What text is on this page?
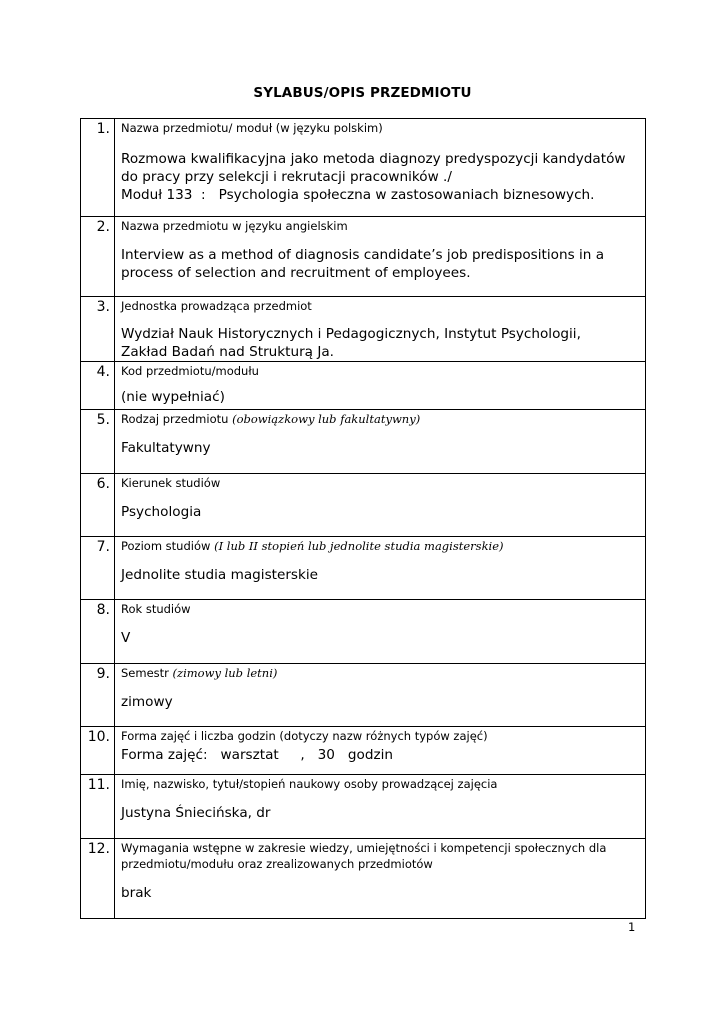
SYLABUS/OPIS PRZEDMIOTU
1.	Nazwa przedmiotu/ moduł (w języku polskim)
Rozmowa kwalifikacyjna jako metoda diagnozy predyspozycji kandydatów
do pracy przy selekcji i rekrutacji pracowników ./
Moduł 133  :   Psychologia społeczna w zastosowaniach biznesowych.

2.	Nazwa przedmiotu w języku angielskim
Interview as a method of diagnosis candidate’s job predispositions in a
process of selection and recruitment of employees.

3.	Jednostka prowadząca przedmiot
Wydział Nauk Historycznych i Pedagogicznych, Instytut Psychologii,
Zakład Badań nad Strukturą Ja.

4.	Kod przedmiotu/modułu
(nie wypełniać)

5.	Rodzaj przedmiotu (obowiązkowy lub fakultatywny)
Fakultatywny

6.	Kierunek studiów
Psychologia

7.	Poziom studiów (I lub II stopień lub jednolite studia magisterskie)
Jednolite studia magisterskie

8.	Rok studiów
V

9.	Semestr (zimowy lub letni)
zimowy

10.	Forma zajęć i liczba godzin (dotyczy nazw różnych typów zajęć)
Forma zajęć:   warsztat     ,   30   godzin

11.	Imię, nazwisko, tytuł/stopień naukowy osoby prowadzącej zajęcia
Justyna Śniecińska, dr

12.	Wymagania wstępne w zakresie wiedzy, umiejętności i kompetencji społecznych dla
przedmiotu/modułu oraz zrealizowanych przedmiotów
brak
1
